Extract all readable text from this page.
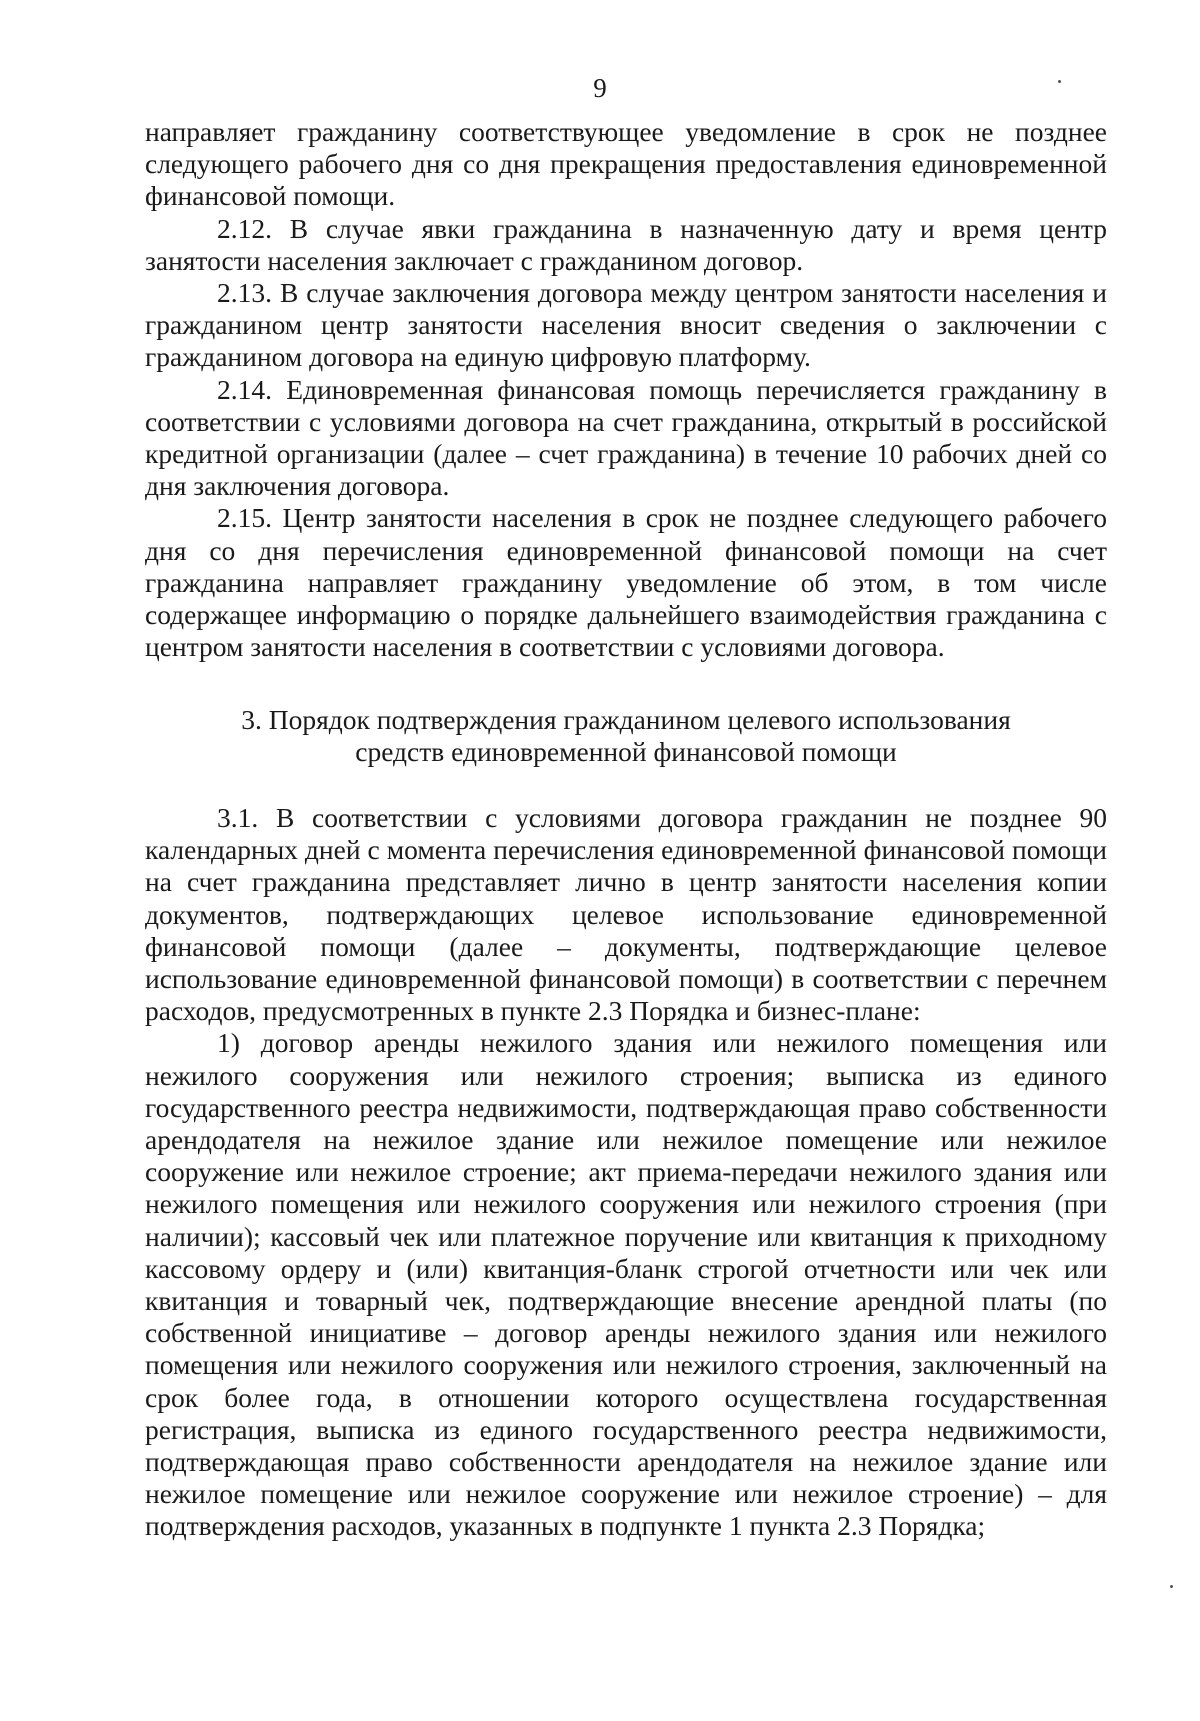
9

направляет гражданину соответствующее уведомление в срок не позднее следующего рабочего дня со дня прекращения предоставления единовременной финансовой помощи.

2.12. В случае явки гражданина в назначенную дату и время центр занятости населения заключает с гражданином договор.

2.13. В случае заключения договора между центром занятости населения и гражданином центр занятости населения вносит сведения о заключении с гражданином договора на единую цифровую платформу.

2.14. Единовременная финансовая помощь перечисляется гражданину в соответствии с условиями договора на счет гражданина, открытый в российской кредитной организации (далее – счет гражданина) в течение 10 рабочих дней со дня заключения договора.

2.15. Центр занятости населения в срок не позднее следующего рабочего дня со дня перечисления единовременной финансовой помощи на счет гражданина направляет гражданину уведомление об этом, в том числе содержащее информацию о порядке дальнейшего взаимодействия гражданина с центром занятости населения в соответствии с условиями договора.

3. Порядок подтверждения гражданином целевого использования
средств единовременной финансовой помощи

3.1. В соответствии с условиями договора гражданин не позднее 90 календарных дней с момента перечисления единовременной финансовой помощи на счет гражданина представляет лично в центр занятости населения копии документов, подтверждающих целевое использование единовременной финансовой помощи (далее – документы, подтверждающие целевое использование единовременной финансовой помощи) в соответствии с перечнем расходов, предусмотренных в пункте 2.3 Порядка и бизнес-плане:

1) договор аренды нежилого здания или нежилого помещения или нежилого сооружения или нежилого строения; выписка из единого государственного реестра недвижимости, подтверждающая право собственности арендодателя на нежилое здание или нежилое помещение или нежилое сооружение или нежилое строение; акт приема-передачи нежилого здания или нежилого помещения или нежилого сооружения или нежилого строения (при наличии); кассовый чек или платежное поручение или квитанция к приходному кассовому ордеру и (или) квитанция-бланк строгой отчетности или чек или квитанция и товарный чек, подтверждающие внесение арендной платы (по собственной инициативе – договор аренды нежилого здания или нежилого помещения или нежилого сооружения или нежилого строения, заключенный на срок более года, в отношении которого осуществлена государственная регистрация, выписка из единого государственного реестра недвижимости, подтверждающая право собственности арендодателя на нежилое здание или нежилое помещение или нежилое сооружение или нежилое строение) – для подтверждения расходов, указанных в подпункте 1 пункта 2.3 Порядка;
